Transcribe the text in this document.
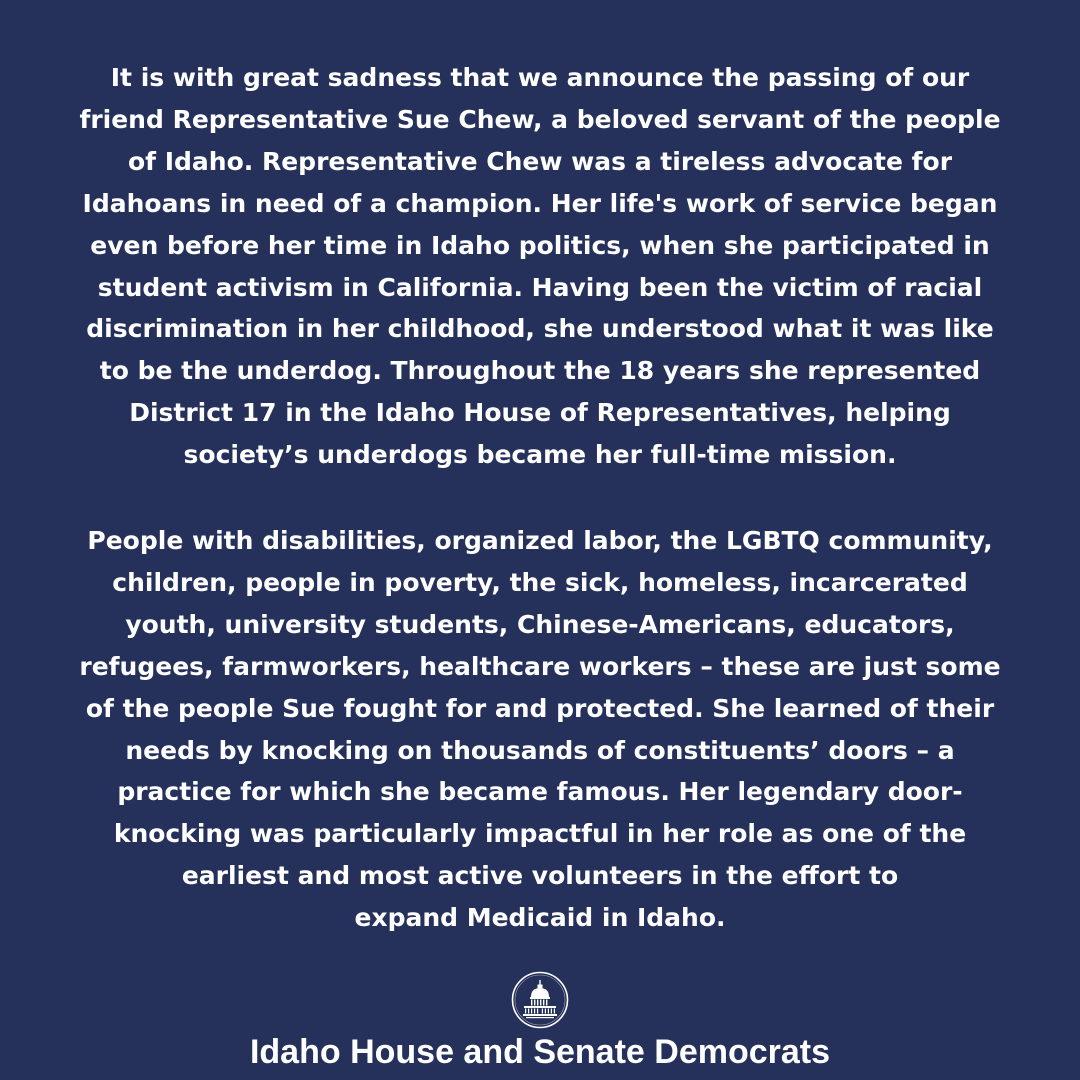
It is with great sadness that we announce the passing of our
friend Representative Sue Chew, a beloved servant of the people
of Idaho. Representative Chew was a tireless advocate for
Idahoans in need of a champion. Her life's work of service began
even before her time in Idaho politics, when she participated in
student activism in California. Having been the victim of racial
discrimination in her childhood, she understood what it was like
to be the underdog. Throughout the 18 years she represented
District 17 in the Idaho House of Representatives, helping
society’s underdogs became her full-time mission.

People with disabilities, organized labor, the LGBTQ community,
children, people in poverty, the sick, homeless, incarcerated
youth, university students, Chinese-Americans, educators,
refugees, farmworkers, healthcare workers – these are just some
of the people Sue fought for and protected. She learned of their
needs by knocking on thousands of constituents’ doors – a
practice for which she became famous. Her legendary door-
knocking was particularly impactful in her role as one of the
earliest and most active volunteers in the effort to
expand Medicaid in Idaho.

Idaho House and Senate Democrats
